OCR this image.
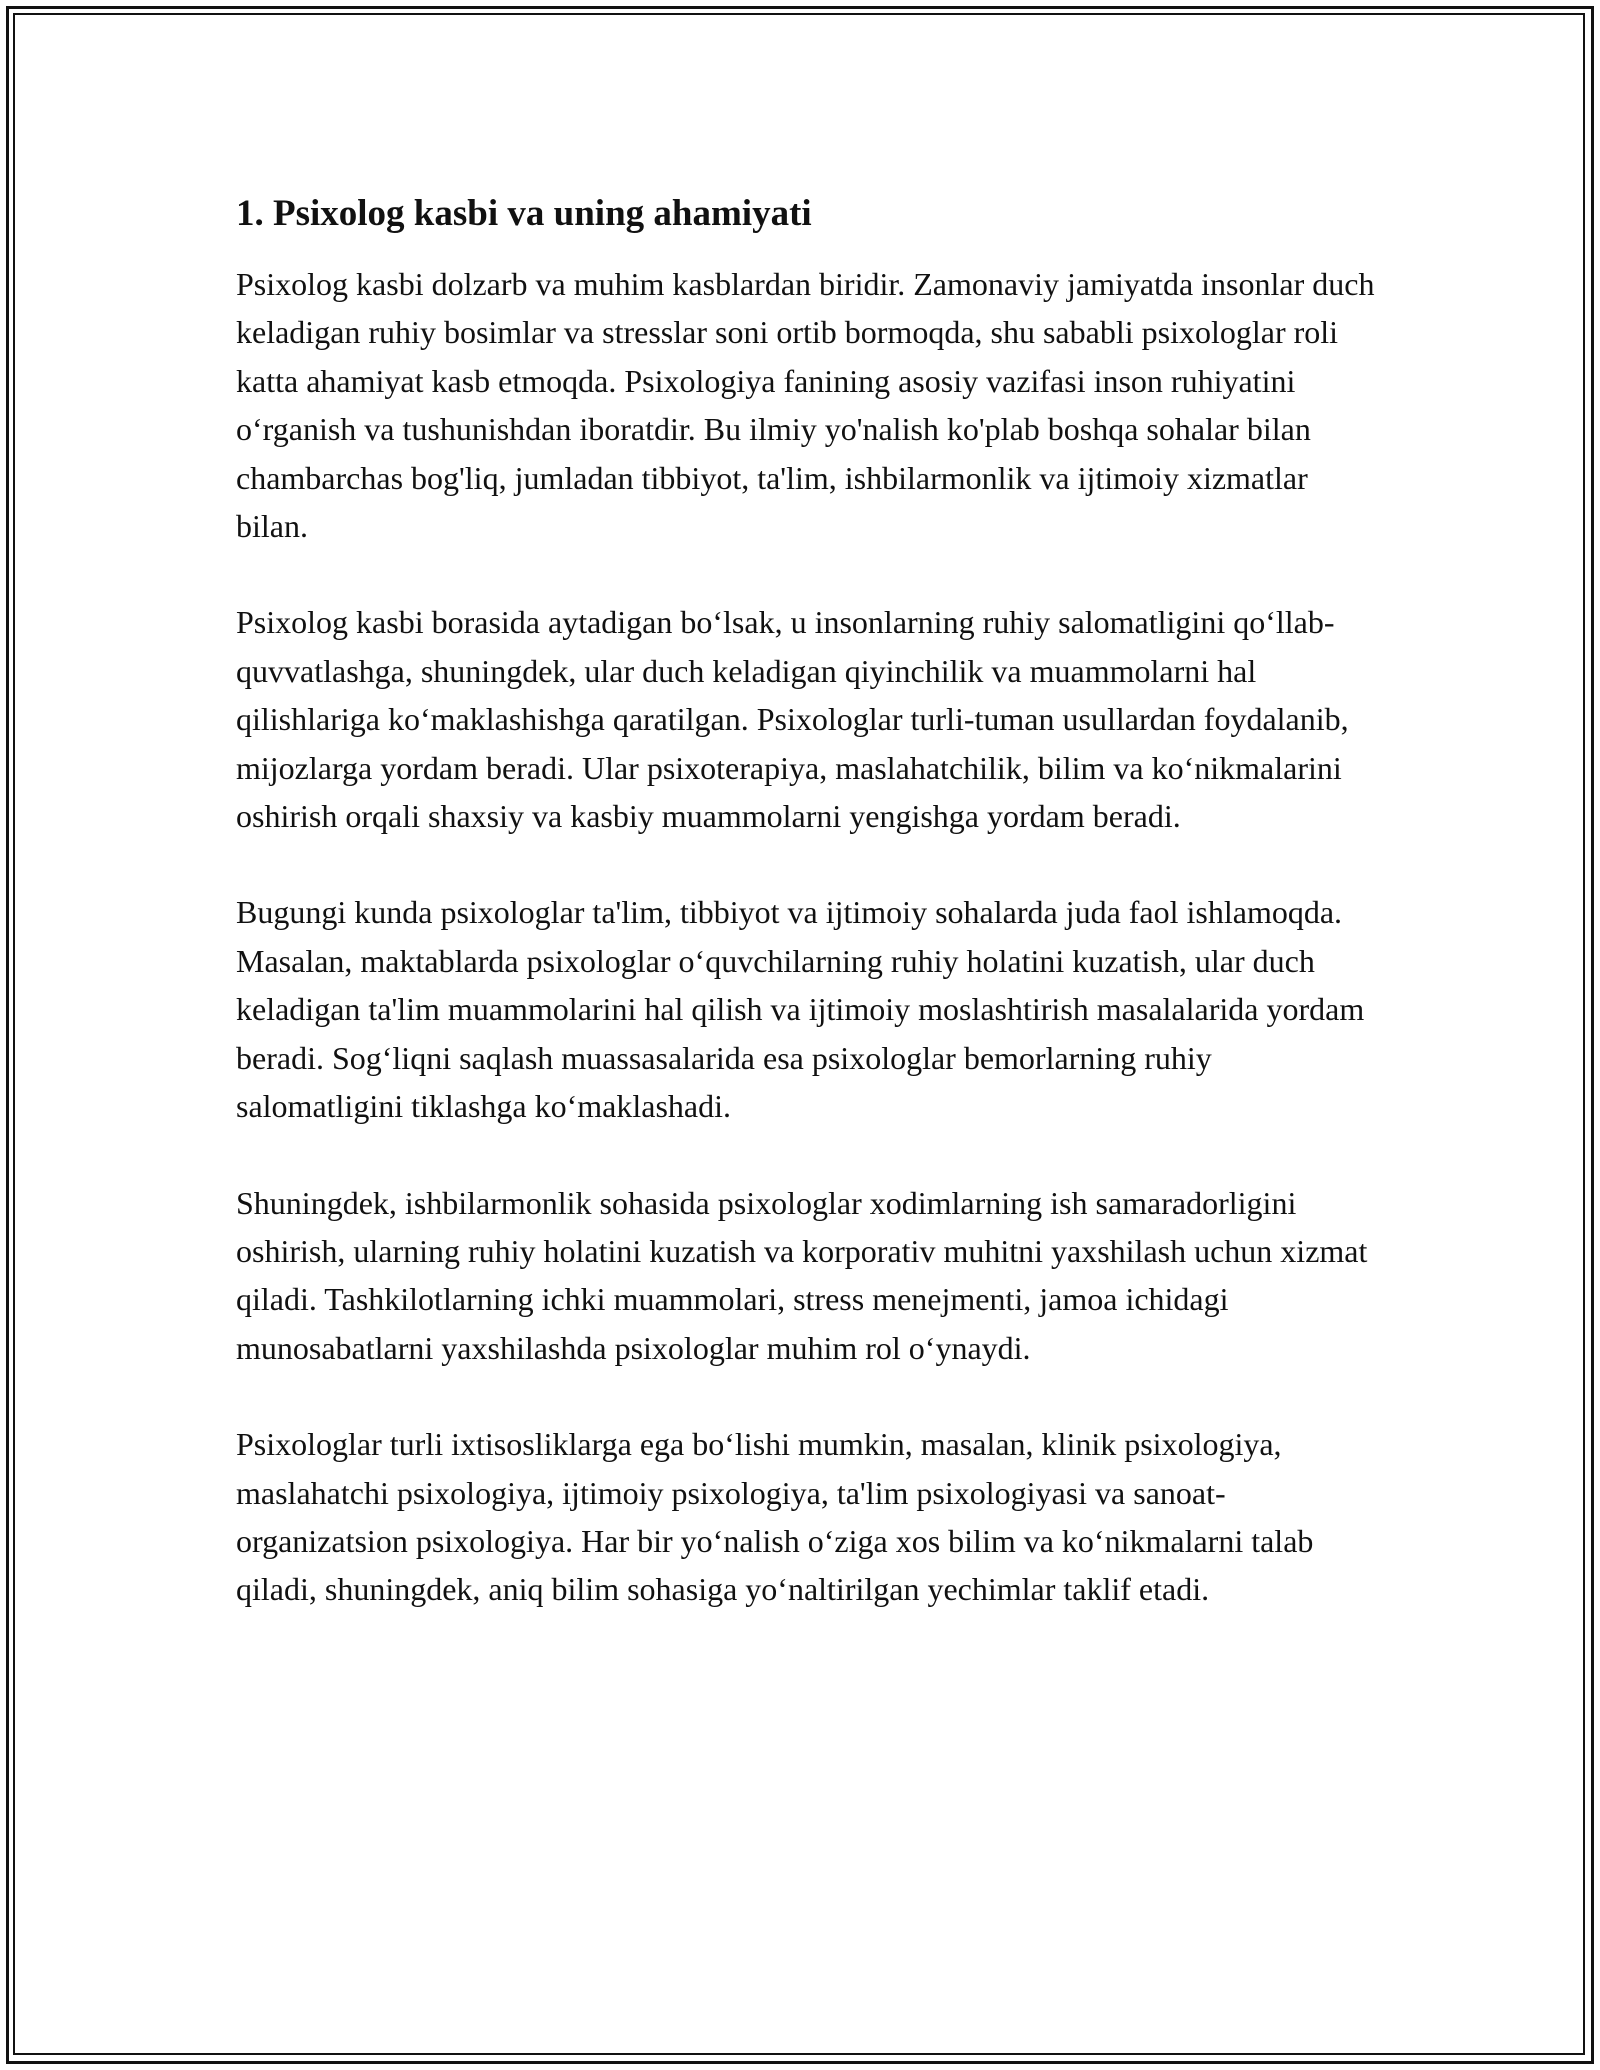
1. Psixolog kasbi va uning ahamiyati

Psixolog kasbi dolzarb va muhim kasblardan biridir. Zamonaviy jamiyatda insonlar duch keladigan ruhiy bosimlar va stresslar soni ortib bormoqda, shu sababli psixologlar roli katta ahamiyat kasb etmoqda. Psixologiya fanining asosiy vazifasi inson ruhiyatini o‘rganish va tushunishdan iboratdir. Bu ilmiy yo'nalish ko'plab boshqa sohalar bilan chambarchas bog'liq, jumladan tibbiyot, ta'lim, ishbilarmonlik va ijtimoiy xizmatlar bilan.

Psixolog kasbi borasida aytadigan bo‘lsak, u insonlarning ruhiy salomatligini qo‘llab-quvvatlashga, shuningdek, ular duch keladigan qiyinchilik va muammolarni hal qilishlariga ko‘maklashishga qaratilgan. Psixologlar turli-tuman usullardan foydalanib, mijozlarga yordam beradi. Ular psixoterapiya, maslahatchilik, bilim va ko‘nikmalarini oshirish orqali shaxsiy va kasbiy muammolarni yengishga yordam beradi.

Bugungi kunda psixologlar ta'lim, tibbiyot va ijtimoiy sohalarda juda faol ishlamoqda. Masalan, maktablarda psixologlar o‘quvchilarning ruhiy holatini kuzatish, ular duch keladigan ta'lim muammolarini hal qilish va ijtimoiy moslashtirish masalalarida yordam beradi. Sog‘liqni saqlash muassasalarida esa psixologlar bemorlarning ruhiy salomatligini tiklashga ko‘maklashadi.

Shuningdek, ishbilarmonlik sohasida psixologlar xodimlarning ish samaradorligini oshirish, ularning ruhiy holatini kuzatish va korporativ muhitni yaxshilash uchun xizmat qiladi. Tashkilotlarning ichki muammolari, stress menejmenti, jamoa ichidagi munosabatlarni yaxshilashda psixologlar muhim rol o‘ynaydi.

Psixologlar turli ixtisosliklarga ega bo‘lishi mumkin, masalan, klinik psixologiya, maslahatchi psixologiya, ijtimoiy psixologiya, ta'lim psixologiyasi va sanoat-organizatsion psixologiya. Har bir yo‘nalish o‘ziga xos bilim va ko‘nikmalarni talab qiladi, shuningdek, aniq bilim sohasiga yo‘naltirilgan yechimlar taklif etadi.
